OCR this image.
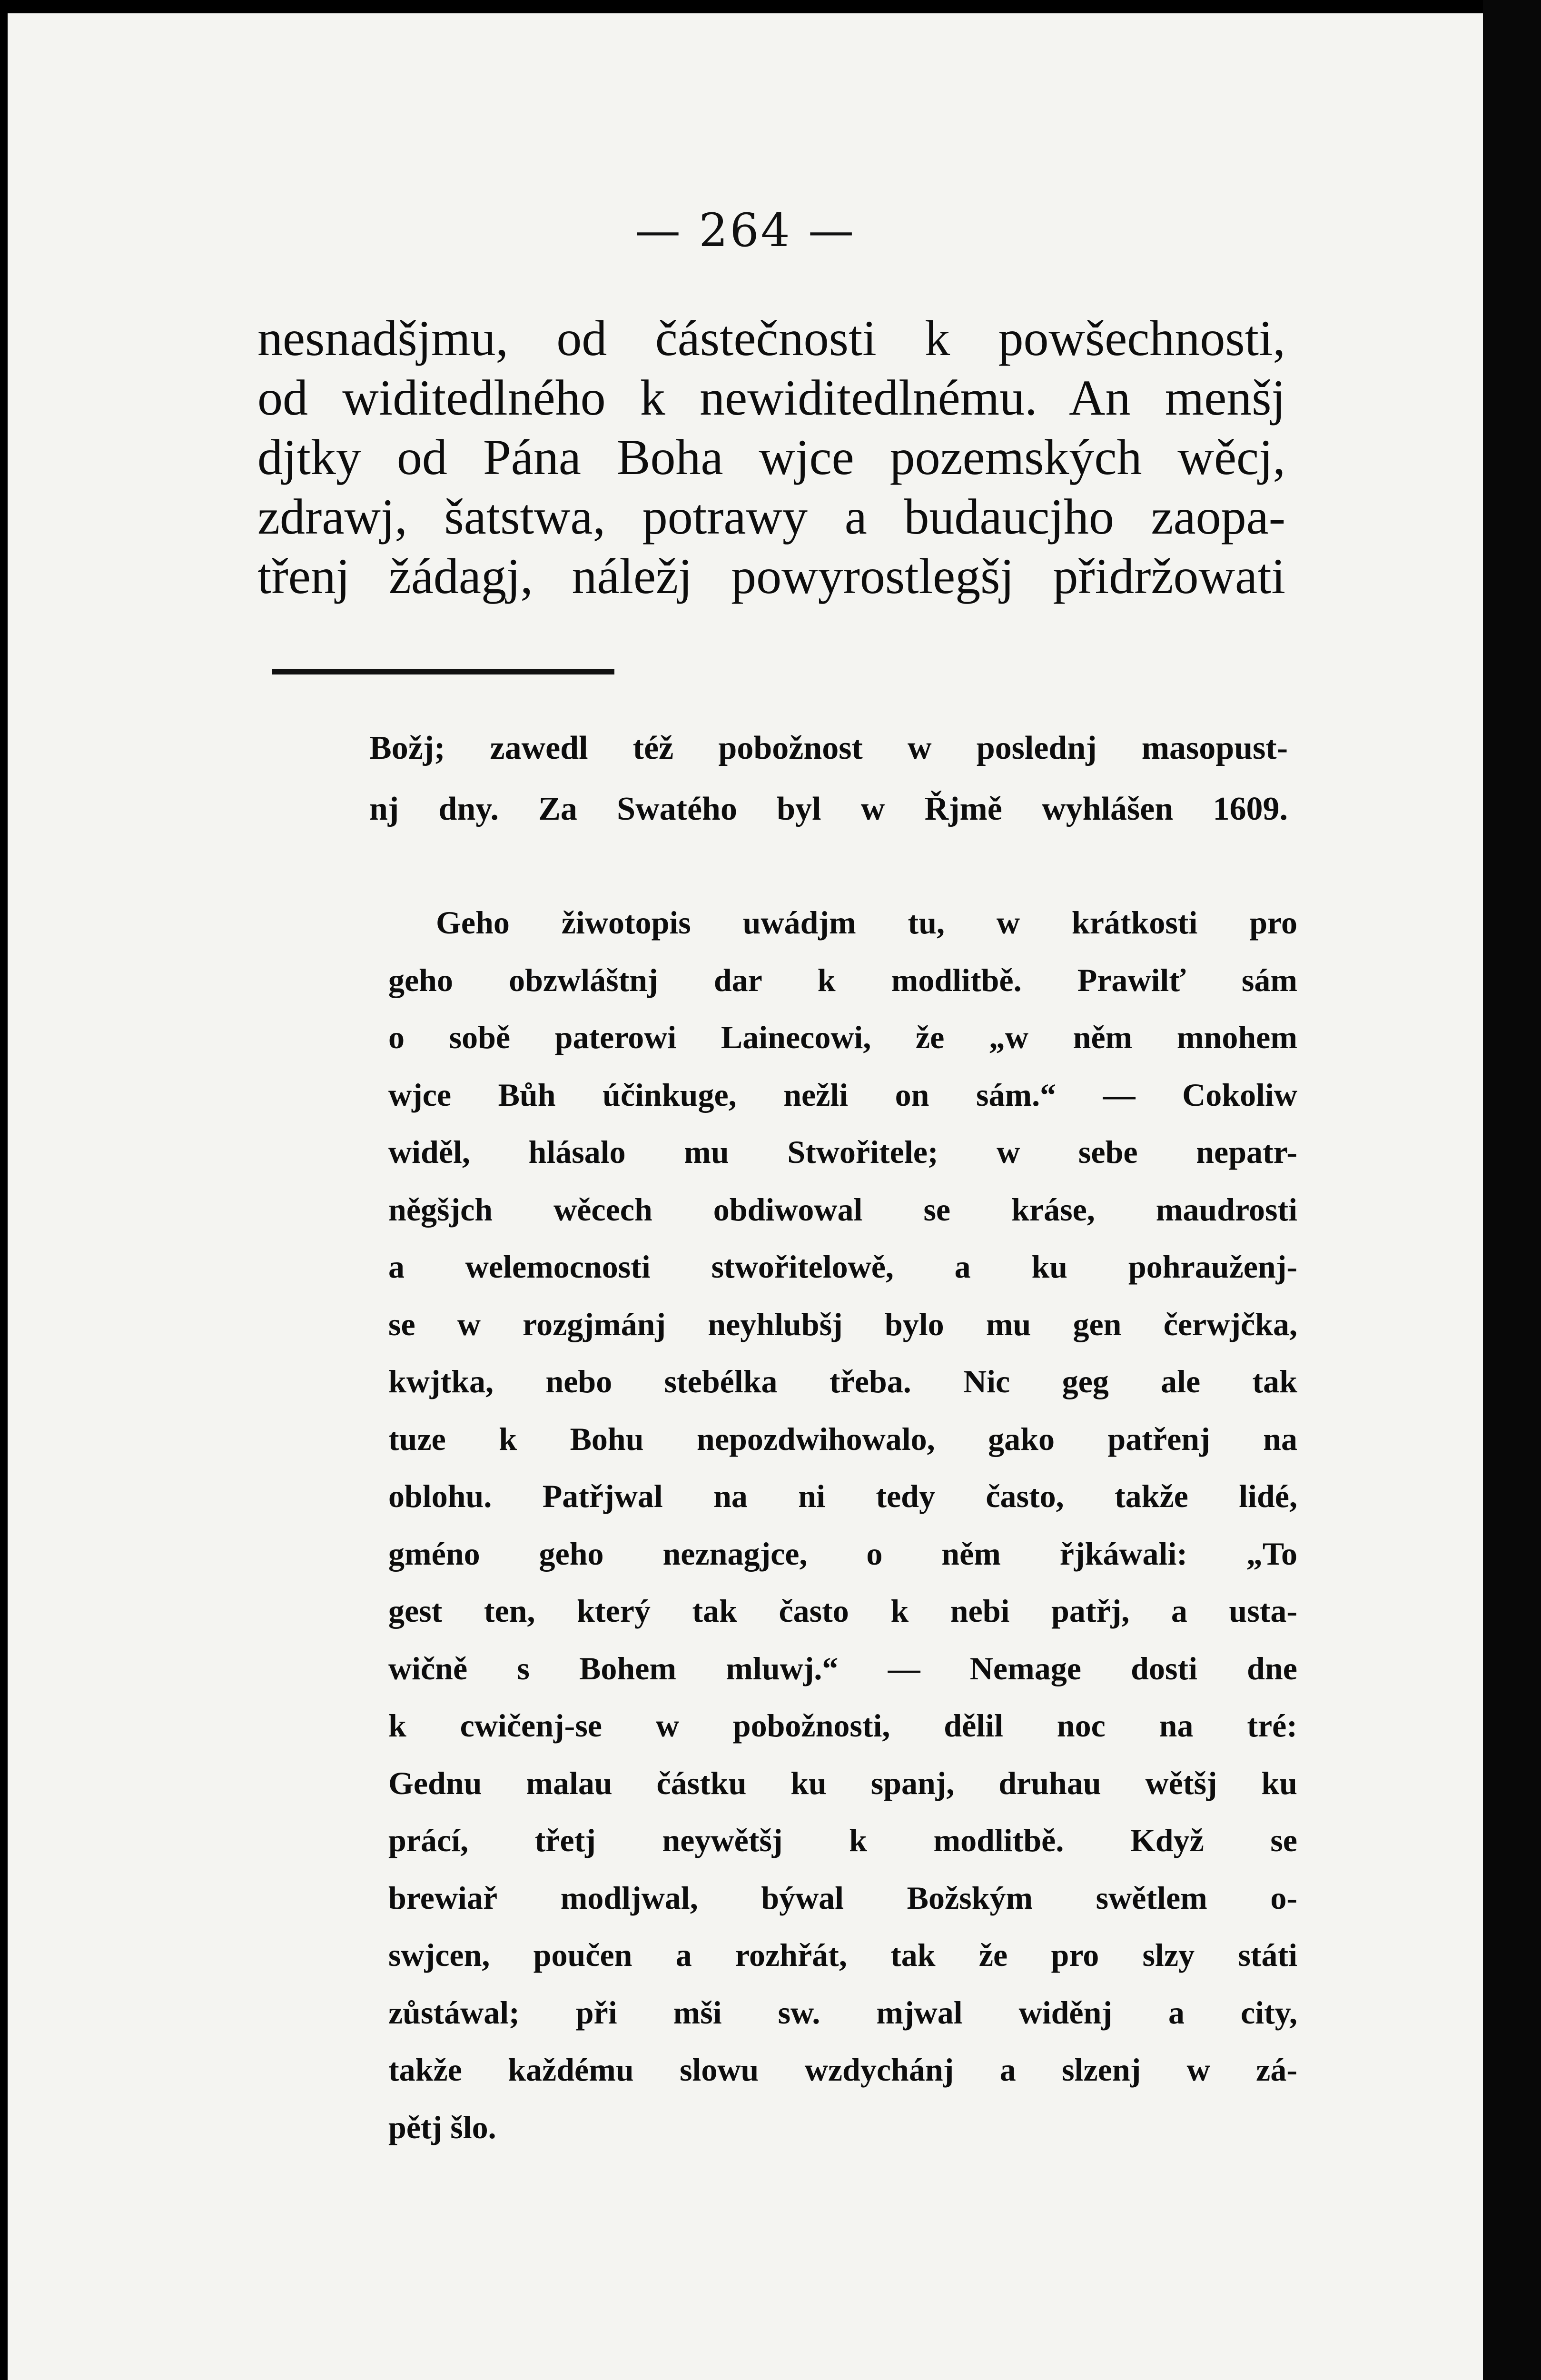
— 264 —
nesnadšjmu, od částečnosti k powšechnosti,
od widitedlného k newiditedlnému. An menšj
djtky od Pána Boha wjce pozemských wěcj,
zdrawj, šatstwa, potrawy a budaucjho zaopa-
třenj žádagj, náležj powyrostlegšj přidržowati
Božj; zawedl též pobožnost w poslednj masopust-
nj dny. Za Swatého byl w Řjmě wyhlášen 1609.
Geho žiwotopis uwádjm tu, w krátkosti pro
geho obzwláštnj dar k modlitbě. Prawilť sám
o sobě paterowi Lainecowi, že „w něm mnohem
wjce Bůh účinkuge, nežli on sám.“ — Cokoliw
widěl, hlásalo mu Stwořitele; w sebe nepatr-
něgšjch wěcech obdiwowal se kráse, maudrosti
a welemocnosti stwořitelowě, a ku pohrauženj-
se w rozgjmánj neyhlubšj bylo mu gen čerwjčka,
kwjtka, nebo stebélka třeba. Nic geg ale tak
tuze k Bohu nepozdwihowalo, gako patřenj na
oblohu. Patřjwal na ni tedy často, takže lidé,
gméno geho neznagjce, o něm řjkáwali: „To
gest ten, který tak často k nebi patřj, a usta-
wičně s Bohem mluwj.“ — Nemage dosti dne
k cwičenj-se w pobožnosti, dělil noc na tré:
Gednu malau částku ku spanj, druhau wětšj ku
prácí, třetj neywětšj k modlitbě. Když se
brewiař modljwal, býwal Božským swětlem o-
swjcen, poučen a rozhřát, tak že pro slzy státi
zůstáwal; při mši sw. mjwal widěnj a city,
takže každému slowu wzdychánj a slzenj w zá-
pětj šlo.
